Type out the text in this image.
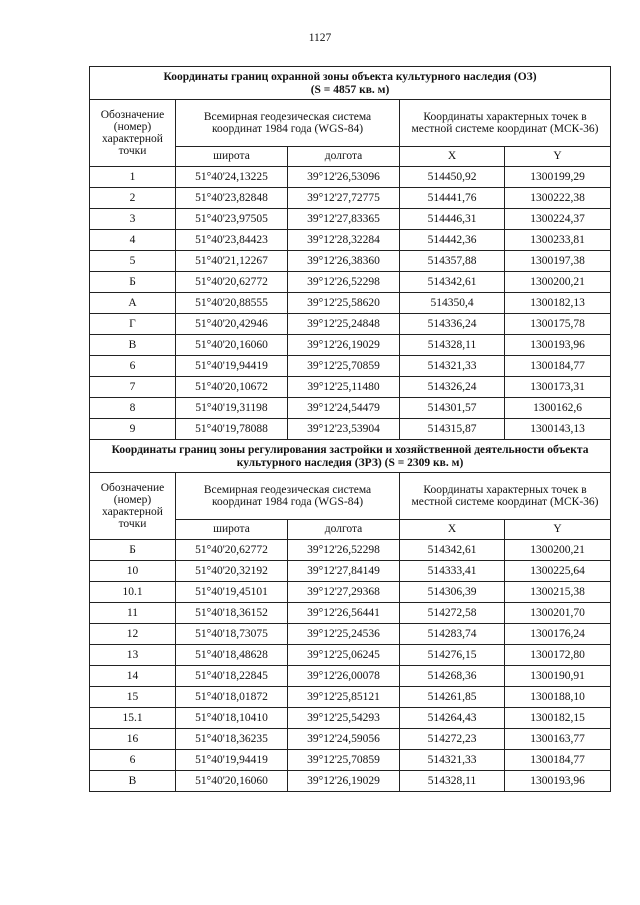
1127
Координаты границ охранной зоны объекта культурного наследия (ОЗ)
(S = 4857 кв. м)				
Обозначение (номер) характерной точки	Всемирная геодезическая система координат 1984 года (WGS-84)		Координаты характерных точек в местной системе координат (МСК-36)	
	широта	долгота	X	Y
1	51°40'24,13225	39°12'26,53096	514450,92	1300199,29
2	51°40'23,82848	39°12'27,72775	514441,76	1300222,38
3	51°40'23,97505	39°12'27,83365	514446,31	1300224,37
4	51°40'23,84423	39°12'28,32284	514442,36	1300233,81
5	51°40'21,12267	39°12'26,38360	514357,88	1300197,38
Б	51°40'20,62772	39°12'26,52298	514342,61	1300200,21
А	51°40'20,88555	39°12'25,58620	514350,4	1300182,13
Г	51°40'20,42946	39°12'25,24848	514336,24	1300175,78
В	51°40'20,16060	39°12'26,19029	514328,11	1300193,96
6	51°40'19,94419	39°12'25,70859	514321,33	1300184,77
7	51°40'20,10672	39°12'25,11480	514326,24	1300173,31
8	51°40'19,31198	39°12'24,54479	514301,57	1300162,6
9	51°40'19,78088	39°12'23,53904	514315,87	1300143,13
Координаты границ зоны регулирования застройки и хозяйственной деятельности объекта культурного наследия (ЗРЗ) (S = 2309 кв. м)				
Обозначение (номер) характерной точки	Всемирная геодезическая система координат 1984 года (WGS-84)		Координаты характерных точек в местной системе координат (МСК-36)	
	широта	долгота	X	Y
Б	51°40'20,62772	39°12'26,52298	514342,61	1300200,21
10	51°40'20,32192	39°12'27,84149	514333,41	1300225,64
10.1	51°40'19,45101	39°12'27,29368	514306,39	1300215,38
11	51°40'18,36152	39°12'26,56441	514272,58	1300201,70
12	51°40'18,73075	39°12'25,24536	514283,74	1300176,24
13	51°40'18,48628	39°12'25,06245	514276,15	1300172,80
14	51°40'18,22845	39°12'26,00078	514268,36	1300190,91
15	51°40'18,01872	39°12'25,85121	514261,85	1300188,10
15.1	51°40'18,10410	39°12'25,54293	514264,43	1300182,15
16	51°40'18,36235	39°12'24,59056	514272,23	1300163,77
6	51°40'19,94419	39°12'25,70859	514321,33	1300184,77
В	51°40'20,16060	39°12'26,19029	514328,11	1300193,96
